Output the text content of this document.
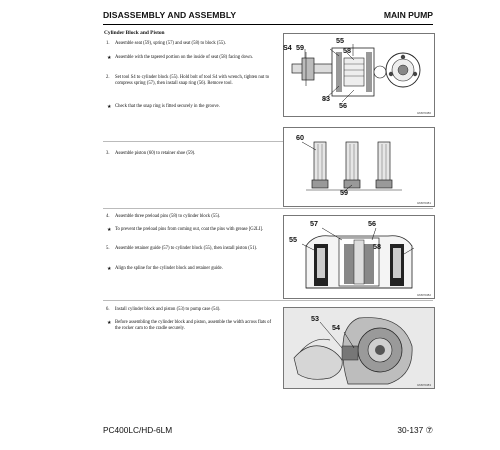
DISASSEMBLY AND ASSEMBLY	MAIN PUMP
Cylinder Block and Piston
1. Assemble seat (59), spring (57) and seat (58) to block (55).
★ Assemble with the tapered portion on the inside of seat (58) facing down.
2. Set tool S4 to cylinder block (55). Hold bolt of tool S4 with wrench, tighten nut to compress spring (57), then install snap ring (56). Remove tool.
★ Check that the snap ring is fitted securely in the groove.
3. Assemble piston (60) to retainer shoe (59).
4. Assemble three preload pins (58) to cylinder block (55).
★ To prevent the preload pins from coming out, coat the pins with grease [G2LI].
5. Assemble retainer guide (57) to cylinder block (55), then install piston (51).
★ Align the spline for the cylinder block and retainer guide.
6. Install cylinder block and piston (53) to pump case (54).
★ Before assembling the cylinder block and piston, assemble the width across flats of the rocker cam to the cradle securely.
S4 59
55
58
83
56
0A5P0380
60
59
0A5P0381
57	56
55
58
0A5P0382
53
54
0A5P0383
PC400LC/HD-6LM	30-137 ⑦
